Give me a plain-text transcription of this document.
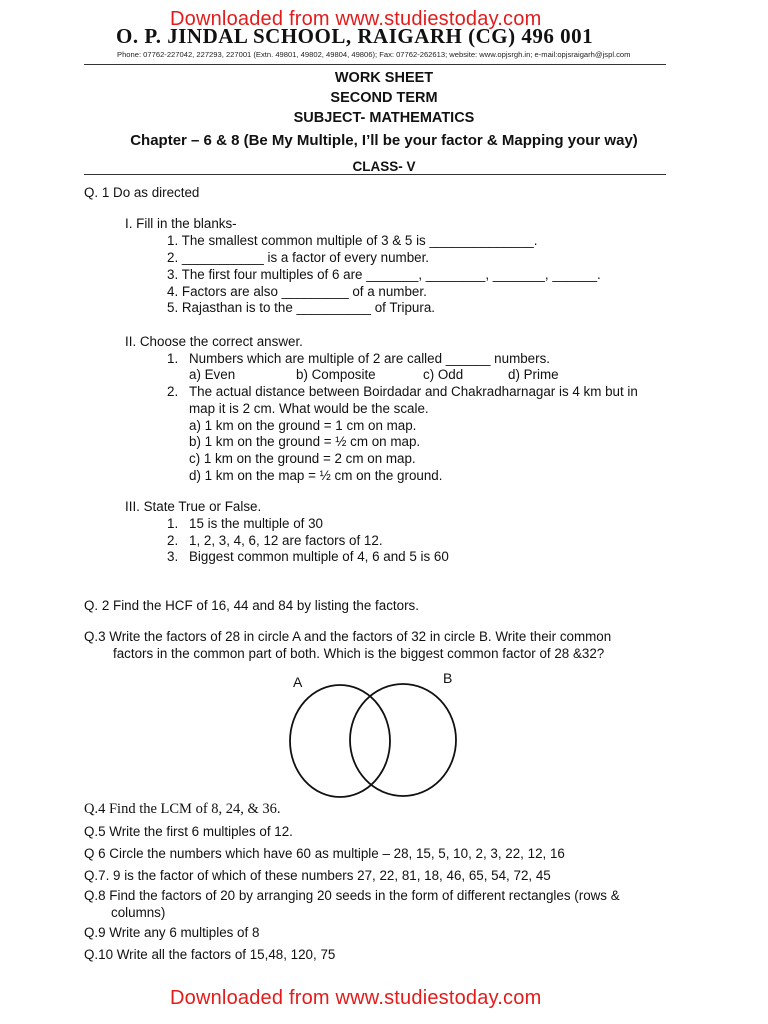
Downloaded from www.studiestoday.com
O. P. JINDAL SCHOOL, RAIGARH (CG) 496 001
Phone: 07762-227042, 227293, 227001 (Extn. 49801, 49802, 49804, 49806); Fax: 07762-262613; website: www.opjsrgh.in; e-mail:opjsraigarh@jspl.com
WORK SHEET
SECOND TERM
SUBJECT- MATHEMATICS
Chapter – 6 & 8 (Be My Multiple, I’ll be your factor & Mapping your way)
CLASS- V
Q. 1 Do as directed
I. Fill in the blanks-
1. The smallest common multiple of 3 & 5 is ______________.
2. ___________ is a factor of every number.
3. The first four multiples of 6 are _______, ________, _______, ______.
4. Factors are also _________ of a number.
5. Rajasthan is to the __________ of Tripura.
II. Choose the correct answer.
1. Numbers which are multiple of 2 are called ______ numbers.
a) Even	b) Composite	c) Odd	d) Prime
2. The actual distance between Boirdadar and Chakradharnagar is 4 km but in
map it is 2 cm. What would be the scale.
a) 1 km on the ground = 1 cm on map.
b) 1 km on the ground = ½ cm on map.
c) 1 km on the ground = 2 cm on map.
d) 1 km on the map = ½ cm on the ground.
III. State True or False.
1. 15 is the multiple of 30
2. 1, 2, 3, 4, 6, 12 are factors of 12.
3. Biggest common multiple of 4, 6 and 5 is 60
Q. 2 Find the HCF of 16, 44 and 84 by listing the factors.
Q.3 Write the factors of 28 in circle A and the factors of 32 in circle B. Write their common
factors in the common part of both. Which is the biggest common factor of 28 &32?
A	B
Q.4 Find the LCM of 8, 24, & 36.
Q.5 Write the first 6 multiples of 12.
Q 6 Circle the numbers which have 60 as multiple – 28, 15, 5, 10, 2, 3, 22, 12, 16
Q.7. 9 is the factor of which of these numbers 27, 22, 81, 18, 46, 65, 54, 72, 45
Q.8 Find the factors of 20 by arranging 20 seeds in the form of different rectangles (rows &
columns)
Q.9 Write any 6 multiples of 8
Q.10 Write all the factors of 15,48, 120, 75
Downloaded from www.studiestoday.com
